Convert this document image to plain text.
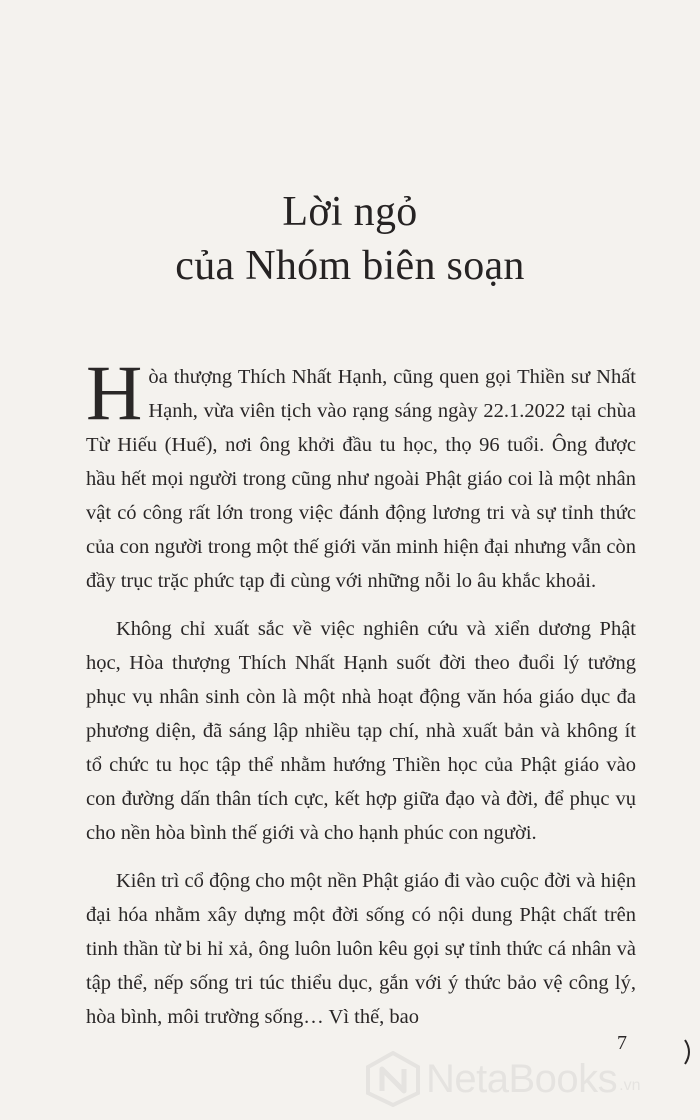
Lời ngỏ
của Nhóm biên soạn

Hòa thượng Thích Nhất Hạnh, cũng quen gọi Thiền sư Nhất Hạnh, vừa viên tịch vào rạng sáng ngày 22.1.2022 tại chùa Từ Hiếu (Huế), nơi ông khởi đầu tu học, thọ 96 tuổi. Ông được hầu hết mọi người trong cũng như ngoài Phật giáo coi là một nhân vật có công rất lớn trong việc đánh động lương tri và sự tỉnh thức của con người trong một thế giới văn minh hiện đại nhưng vẫn còn đầy trục trặc phức tạp đi cùng với những nỗi lo âu khắc khoải.

Không chỉ xuất sắc về việc nghiên cứu và xiển dương Phật học, Hòa thượng Thích Nhất Hạnh suốt đời theo đuổi lý tưởng phục vụ nhân sinh còn là một nhà hoạt động văn hóa giáo dục đa phương diện, đã sáng lập nhiều tạp chí, nhà xuất bản và không ít tổ chức tu học tập thể nhằm hướng Thiền học của Phật giáo vào con đường dấn thân tích cực, kết hợp giữa đạo và đời, để phục vụ cho nền hòa bình thế giới và cho hạnh phúc con người.

Kiên trì cổ động cho một nền Phật giáo đi vào cuộc đời và hiện đại hóa nhằm xây dựng một đời sống có nội dung Phật chất trên tinh thần từ bi hỉ xả, ông luôn luôn kêu gọi sự tỉnh thức cá nhân và tập thể, nếp sống tri túc thiểu dục, gắn với ý thức bảo vệ công lý, hòa bình, môi trường sống… Vì thế, bao

7
NetaBooks .vn
